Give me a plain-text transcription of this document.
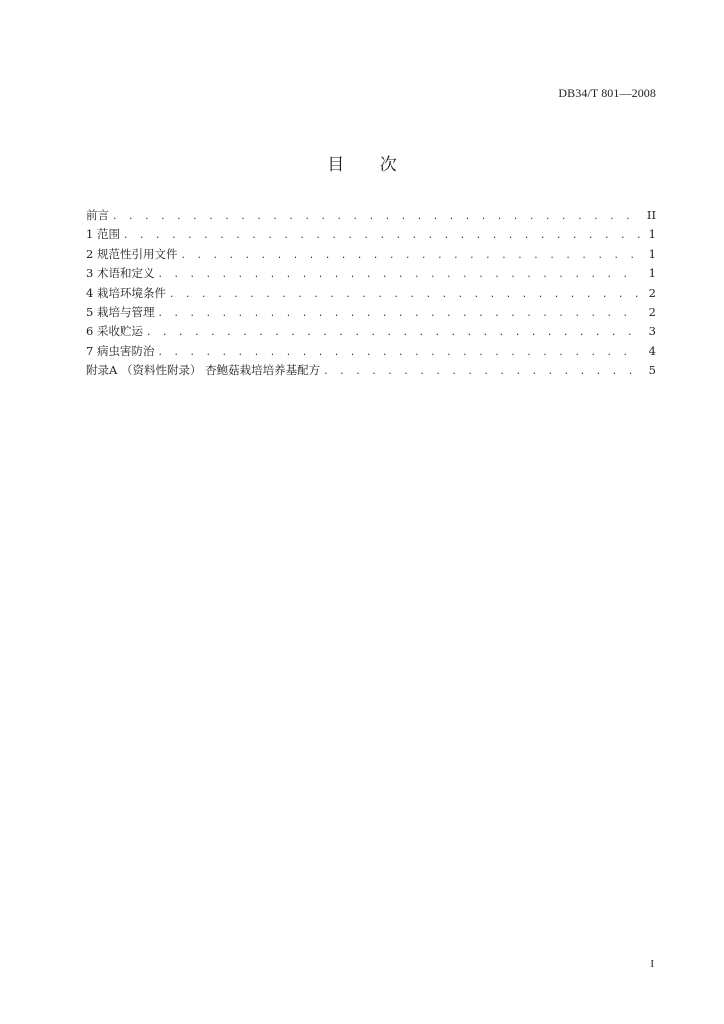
DB34/T 801—2008
目 次
前言 . . .	II
1 范围 . . .	1
2 规范性引用文件 . . .	1
3 术语和定义 . . .	1
4 栽培环境条件 . . .	2
5 栽培与管理 . . .	2
6 采收贮运 . . .	3
7 病虫害防治 . . .	4
附录A （资料性附录） 杏鲍菇栽培培养基配方 . . .	5
I
